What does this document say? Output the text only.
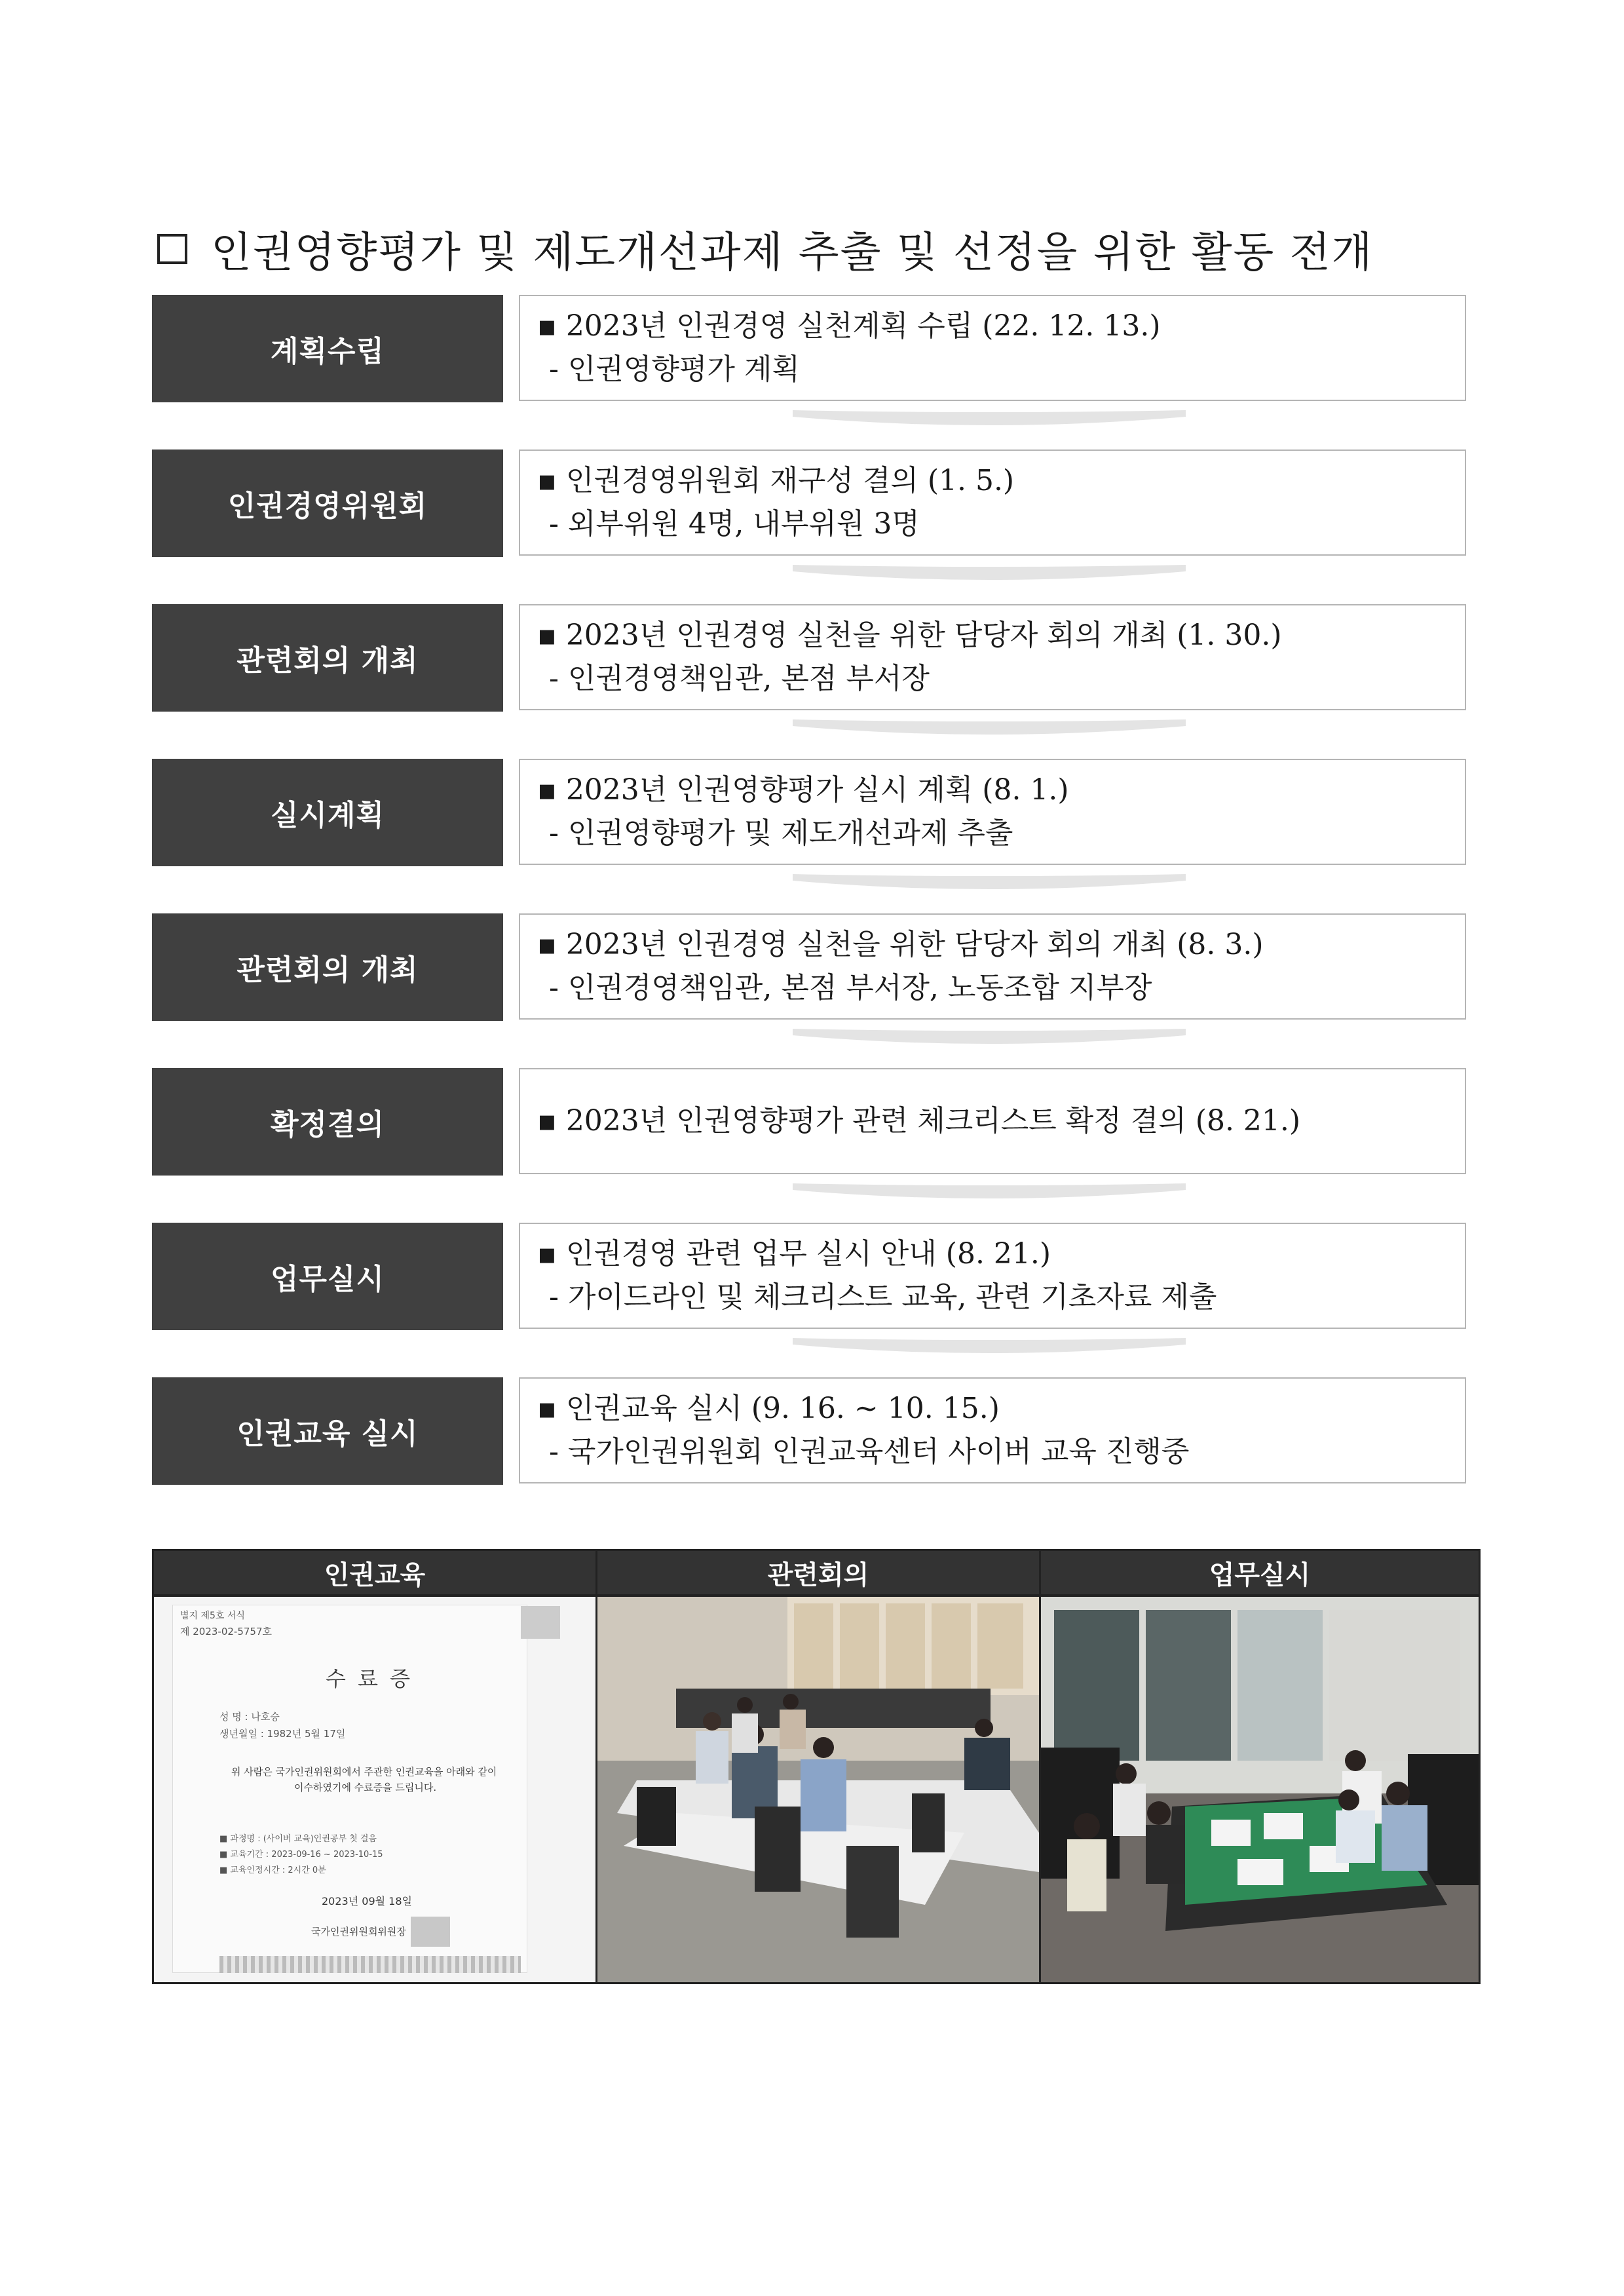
인권영향평가 및 제도개선과제 추출 및 선정을 위한 활동 전개
계획수립
▪ 2023년 인권경영 실천계획 수립 (22. 12. 13.)
- 인권영향평가 계획
인권경영위원회
▪ 인권경영위원회 재구성 결의 (1. 5.)
- 외부위원 4명, 내부위원 3명
관련회의 개최
▪ 2023년 인권경영 실천을 위한 담당자 회의 개최 (1. 30.)
- 인권경영책임관, 본점 부서장
실시계획
▪ 2023년 인권영향평가 실시 계획 (8. 1.)
- 인권영향평가 및 제도개선과제 추출
관련회의 개최
▪ 2023년 인권경영 실천을 위한 담당자 회의 개최 (8. 3.)
- 인권경영책임관, 본점 부서장, 노동조합 지부장
확정결의
▪	2023년 인권영향평가 관련 체크리스트 확정 결의 (8. 21.)
업무실시
▪ 인권경영 관련 업무 실시 안내 (8. 21.)
- 가이드라인 및 체크리스트 교육, 관련 기초자료 제출
인권교육 실시
▪ 인권교육 실시 (9. 16. ~ 10. 15.)
- 국가인권위원회 인권교육센터 사이버 교육 진행중
인권교육	관련회의	업무실시
별지 제5호 서식
제 2023-02-5757호
수 료 증
성 명 : 나호승
생년월일 : 1982년 5월 17일
위 사람은 국가인권위원회에서 주관한 인권교육을 아래와 같이
이수하였기에 수료증을 드립니다.
■ 과정명 : (사이버 교육)인권공부 첫 걸음
■ 교육기간 : 2023-09-16 ~ 2023-10-15
■ 교육인정시간 : 2시간 0분
2023년 09월 18일
국가인권위원회위원장
